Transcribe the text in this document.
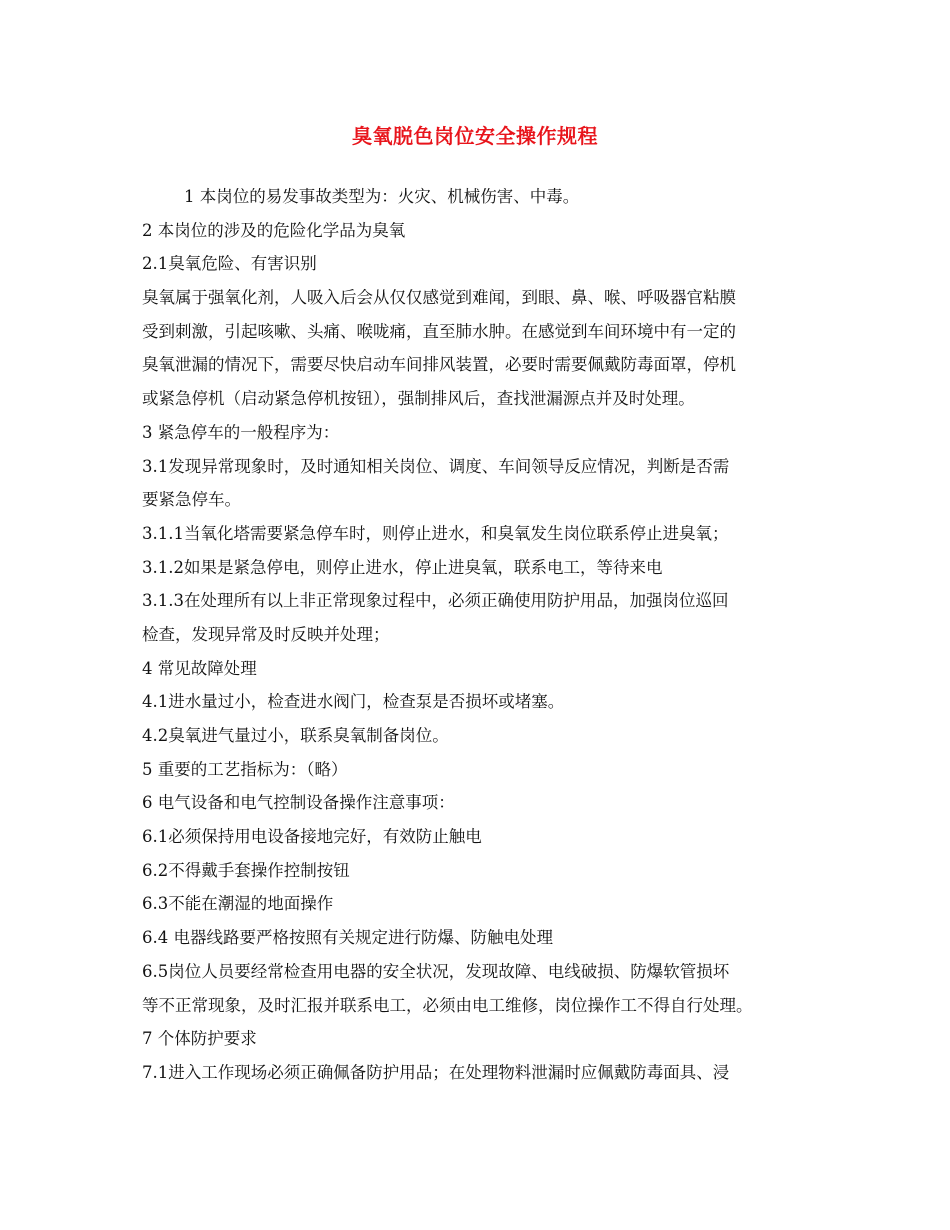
臭氧脱色岗位安全操作规程
1 本岗位的易发事故类型为：火灾、机械伤害、中毒。
2 本岗位的涉及的危险化学品为臭氧
2.1臭氧危险、有害识别
臭氧属于强氧化剂，人吸入后会从仅仅感觉到难闻，到眼、鼻、喉、呼吸器官粘膜
受到刺激，引起咳嗽、头痛、喉咙痛，直至肺水肿。在感觉到车间环境中有一定的
臭氧泄漏的情况下，需要尽快启动车间排风装置，必要时需要佩戴防毒面罩，停机
或紧急停机（启动紧急停机按钮），强制排风后，查找泄漏源点并及时处理。
3 紧急停车的一般程序为：
3.1发现异常现象时，及时通知相关岗位、调度、车间领导反应情况，判断是否需
要紧急停车。
3.1.1当氧化塔需要紧急停车时，则停止进水，和臭氧发生岗位联系停止进臭氧；
3.1.2如果是紧急停电，则停止进水，停止进臭氧，联系电工，等待来电
3.1.3在处理所有以上非正常现象过程中，必须正确使用防护用品，加强岗位巡回
检查，发现异常及时反映并处理；
4 常见故障处理
4.1进水量过小，检查进水阀门，检查泵是否损坏或堵塞。
4.2臭氧进气量过小，联系臭氧制备岗位。
5 重要的工艺指标为：（略）
6 电气设备和电气控制设备操作注意事项：
6.1必须保持用电设备接地完好，有效防止触电
6.2不得戴手套操作控制按钮
6.3不能在潮湿的地面操作
6.4 电器线路要严格按照有关规定进行防爆、防触电处理
6.5岗位人员要经常检查用电器的安全状况，发现故障、电线破损、防爆软管损坏
等不正常现象，及时汇报并联系电工，必须由电工维修，岗位操作工不得自行处理。
7 个体防护要求
7.1进入工作现场必须正确佩备防护用品；在处理物料泄漏时应佩戴防毒面具、浸
